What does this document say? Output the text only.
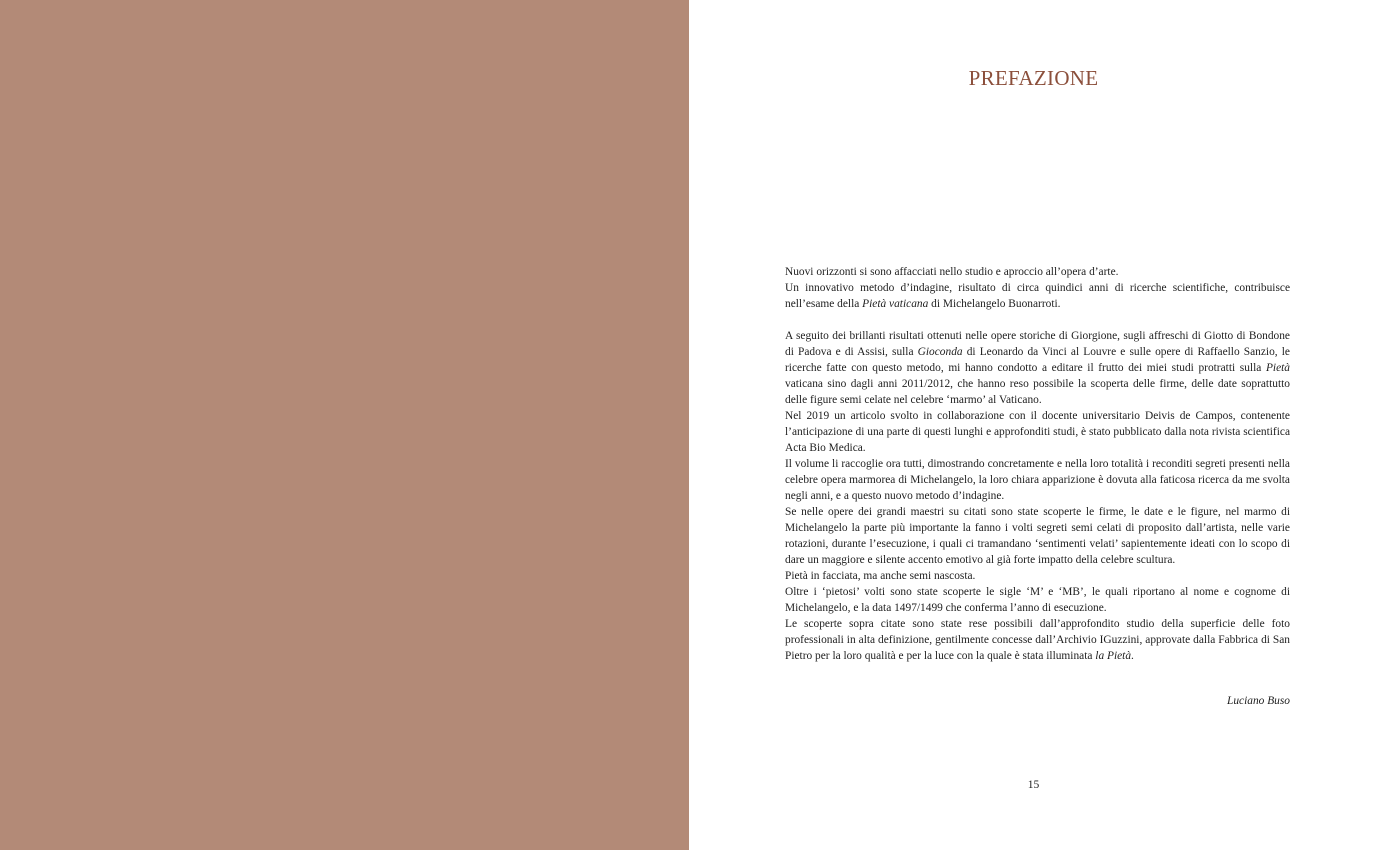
PREFAZIONE

Nuovi orizzonti si sono affacciati nello studio e aproccio all’opera d’arte.

Un innovativo metodo d’indagine, risultato di circa quindici anni di ricerche scientifiche, contribuisce nell’esame della Pietà vaticana di Michelangelo Buonarroti.

A seguito dei brillanti risultati ottenuti nelle opere storiche di Giorgione, sugli affreschi di Giotto di Bondone di Padova e di Assisi, sulla Gioconda di Leonardo da Vinci al Louvre e sulle opere di Raffaello Sanzio, le ricerche fatte con questo metodo, mi hanno condotto a editare il frutto dei miei studi protratti sulla Pietà vaticana sino dagli anni 2011/2012, che hanno reso possibile la scoperta delle firme, delle date soprattutto delle figure semi celate nel celebre ‘marmo’ al Vaticano.

Nel 2019 un articolo svolto in collaborazione con il docente universitario Deivis de Campos, contenente l’anticipazione di una parte di questi lunghi e approfonditi studi, è stato pubblicato dalla nota rivista scientifica Acta Bio Medica.

Il volume li raccoglie ora tutti, dimostrando concretamente e nella loro totalità i reconditi segreti presenti nella celebre opera marmorea di Michelangelo, la loro chiara apparizione è dovuta alla faticosa ricerca da me svolta negli anni, e a questo nuovo metodo d’indagine.

Se nelle opere dei grandi maestri su citati sono state scoperte le firme, le date e le figure, nel marmo di Michelangelo la parte più importante la fanno i volti segreti semi celati di proposito dall’artista, nelle varie rotazioni, durante l’esecuzione, i quali ci tramandano ‘sentimenti velati’ sapientemente ideati con lo scopo di dare un maggiore e silente accento emotivo al già forte impatto della celebre scultura.

Pietà in facciata, ma anche semi nascosta.

Oltre i ‘pietosi’ volti sono state scoperte le sigle ‘M’ e ‘MB’, le quali riportano al nome e cognome di Michelangelo, e la data 1497/1499 che conferma l’anno di esecuzione.

Le scoperte sopra citate sono state rese possibili dall’approfondito studio della superficie delle foto professionali in alta definizione, gentilmente concesse dall’Archivio IGuzzini, approvate dalla Fabbrica di San Pietro per la loro qualità e per la luce con la quale è stata illuminata la Pietà.

Luciano Buso
15
